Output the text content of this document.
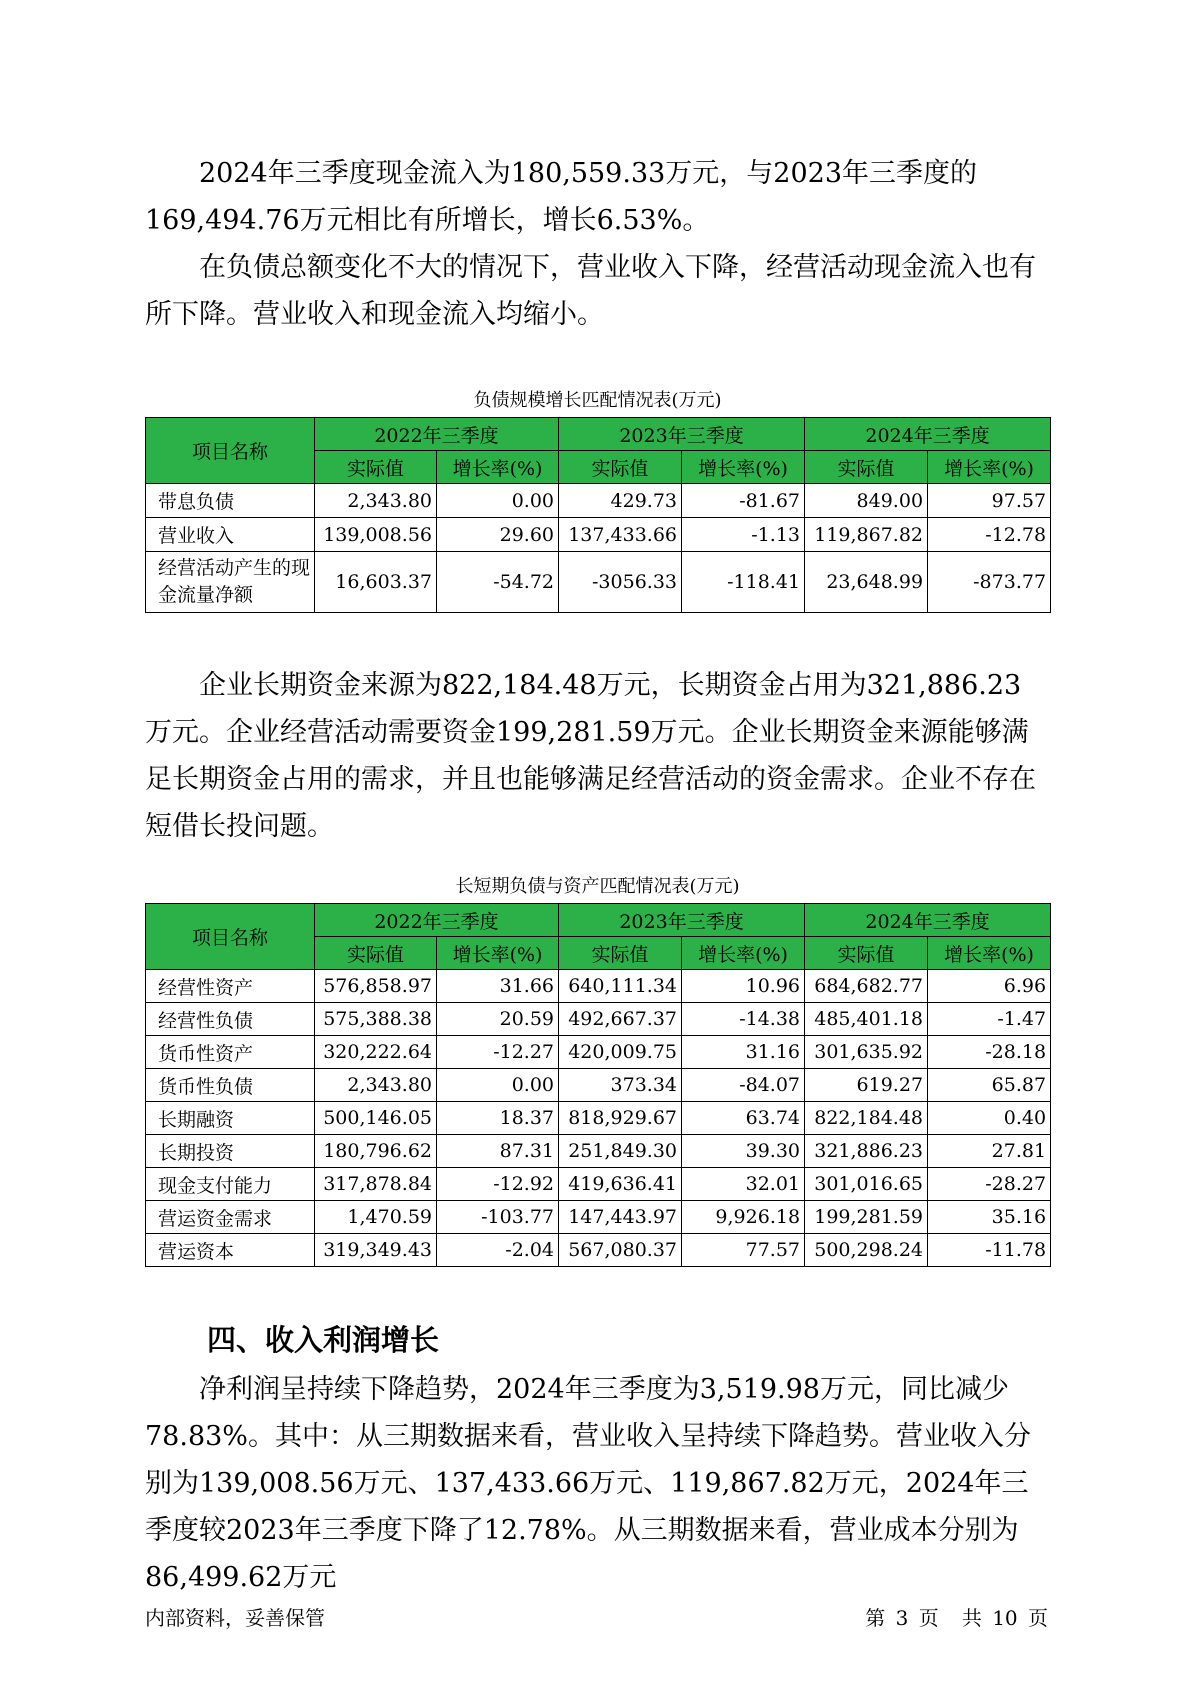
2024年三季度现金流入为180,559.33万元，与2023年三季度的169,494.76万元相比有所增长，增长6.53%。

在负债总额变化不大的情况下，营业收入下降，经营活动现金流入也有所下降。营业收入和现金流入均缩小。

负债规模增长匹配情况表(万元)

项目名称	2022年三季度		2023年三季度		2024年三季度	
	实际值	增长率(%)	实际值	增长率(%)	实际值	增长率(%)
带息负债	2,343.80	0.00	429.73	-81.67	849.00	97.57
营业收入	139,008.56	29.60	137,433.66	-1.13	119,867.82	-12.78
经营活动产生的现金流量净额	16,603.37	-54.72	-3056.33	-118.41	23,648.99	-873.77

企业长期资金来源为822,184.48万元，长期资金占用为321,886.23万元。企业经营活动需要资金199,281.59万元。企业长期资金来源能够满足长期资金占用的需求，并且也能够满足经营活动的资金需求。企业不存在短借长投问题。

长短期负债与资产匹配情况表(万元)

项目名称	2022年三季度		2023年三季度		2024年三季度	
	实际值	增长率(%)	实际值	增长率(%)	实际值	增长率(%)
经营性资产	576,858.97	31.66	640,111.34	10.96	684,682.77	6.96
经营性负债	575,388.38	20.59	492,667.37	-14.38	485,401.18	-1.47
货币性资产	320,222.64	-12.27	420,009.75	31.16	301,635.92	-28.18
货币性负债	2,343.80	0.00	373.34	-84.07	619.27	65.87
长期融资	500,146.05	18.37	818,929.67	63.74	822,184.48	0.40
长期投资	180,796.62	87.31	251,849.30	39.30	321,886.23	27.81
现金支付能力	317,878.84	-12.92	419,636.41	32.01	301,016.65	-28.27
营运资金需求	1,470.59	-103.77	147,443.97	9,926.18	199,281.59	35.16
营运资本	319,349.43	-2.04	567,080.37	77.57	500,298.24	-11.78
四、收入利润增长

净利润呈持续下降趋势，2024年三季度为3,519.98万元，同比减少78.83%。其中：从三期数据来看，营业收入呈持续下降趋势。营业收入分别为139,008.56万元、137,433.66万元、119,867.82万元，2024年三季度较2023年三季度下降了12.78%。从三期数据来看，营业成本分别为86,499.62万元

内部资料，妥善保管	第 3 页 共 10 页
